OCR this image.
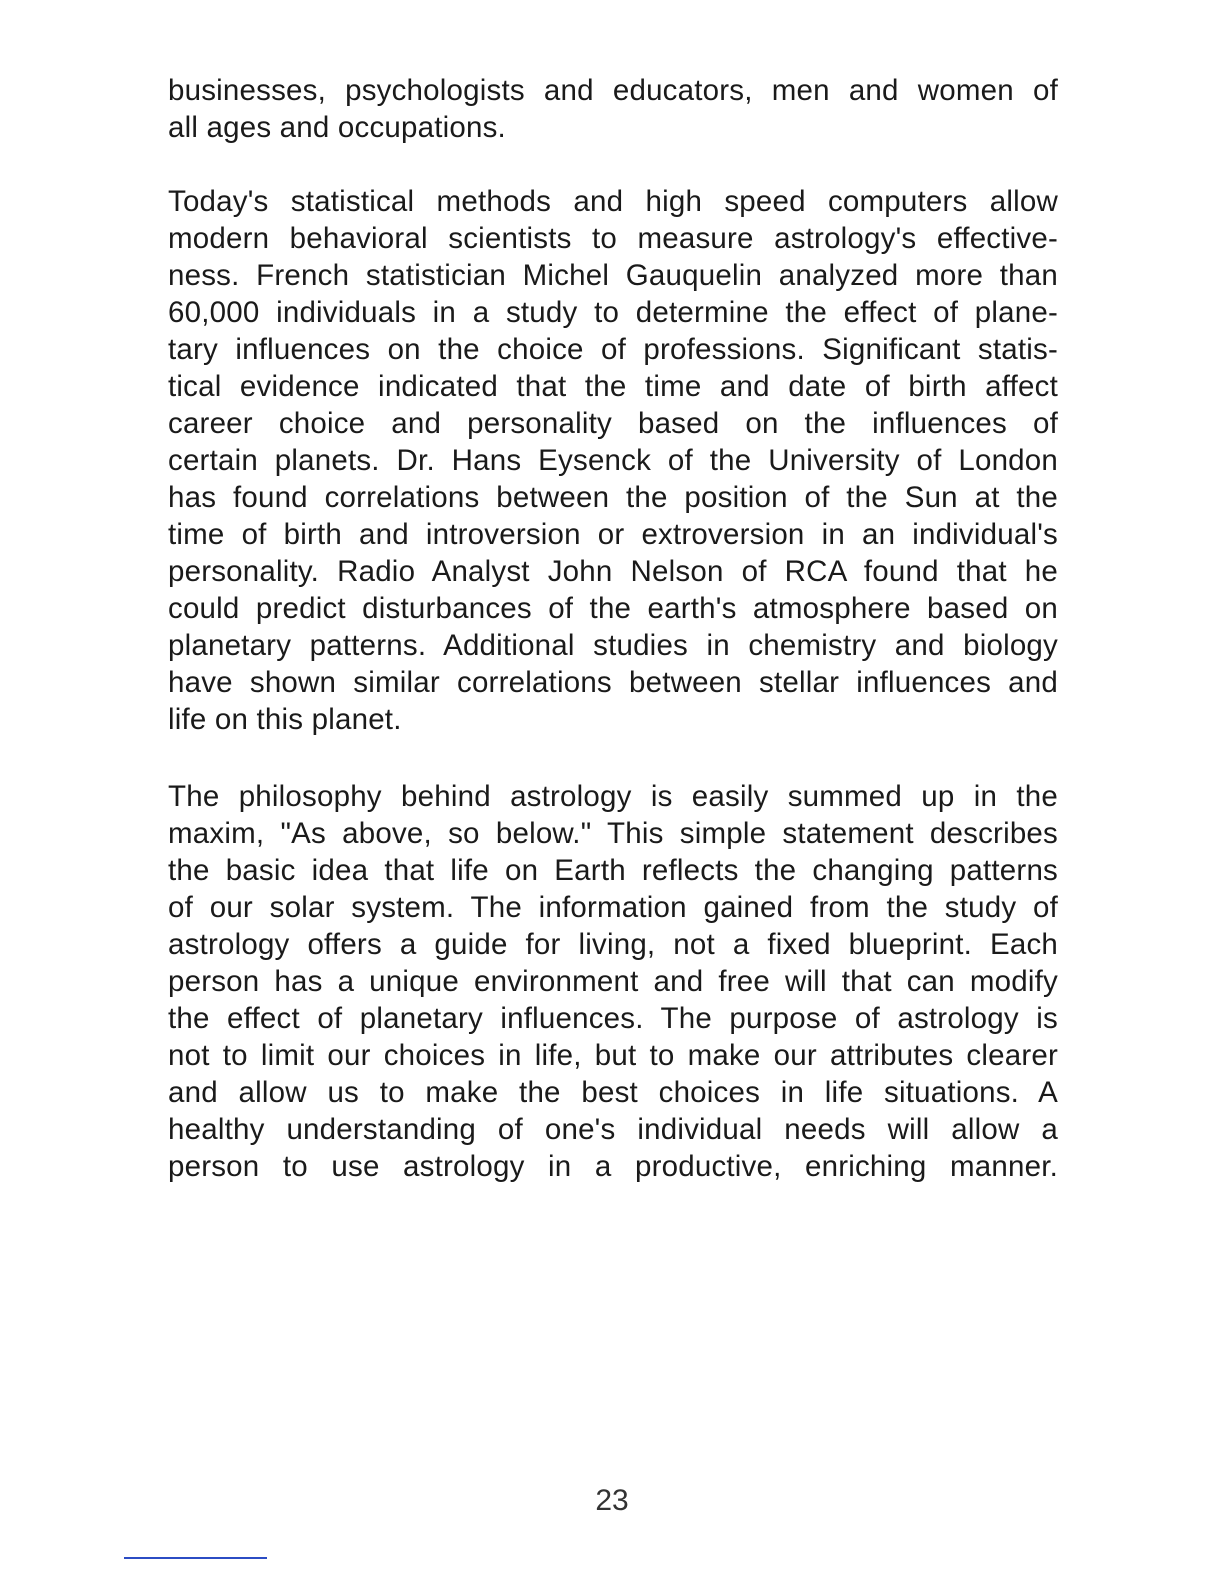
businesses, psychologists and educators, men and women of
all ages and occupations.
Today's statistical methods and high speed computers allow
modern behavioral scientists to measure astrology's effective-
ness. French statistician Michel Gauquelin analyzed more than
60,000 individuals in a study to determine the effect of plane-
tary influences on the choice of professions. Significant statis-
tical evidence indicated that the time and date of birth affect
career choice and personality based on the influences of
certain planets. Dr. Hans Eysenck of the University of London
has found correlations between the position of the Sun at the
time of birth and introversion or extroversion in an individual's
personality. Radio Analyst John Nelson of RCA found that he
could predict disturbances of the earth's atmosphere based on
planetary patterns. Additional studies in chemistry and biology
have shown similar correlations between stellar influences and
life on this planet.
The philosophy behind astrology is easily summed up in the
maxim, "As above, so below." This simple statement describes
the basic idea that life on Earth reflects the changing patterns
of our solar system. The information gained from the study of
astrology offers a guide for living, not a fixed blueprint. Each
person has a unique environment and free will that can modify
the effect of planetary influences. The purpose of astrology is
not to limit our choices in life, but to make our attributes clearer
and allow us to make the best choices in life situations. A
healthy understanding of one's individual needs will allow a
person to use astrology in a productive, enriching manner.
23
